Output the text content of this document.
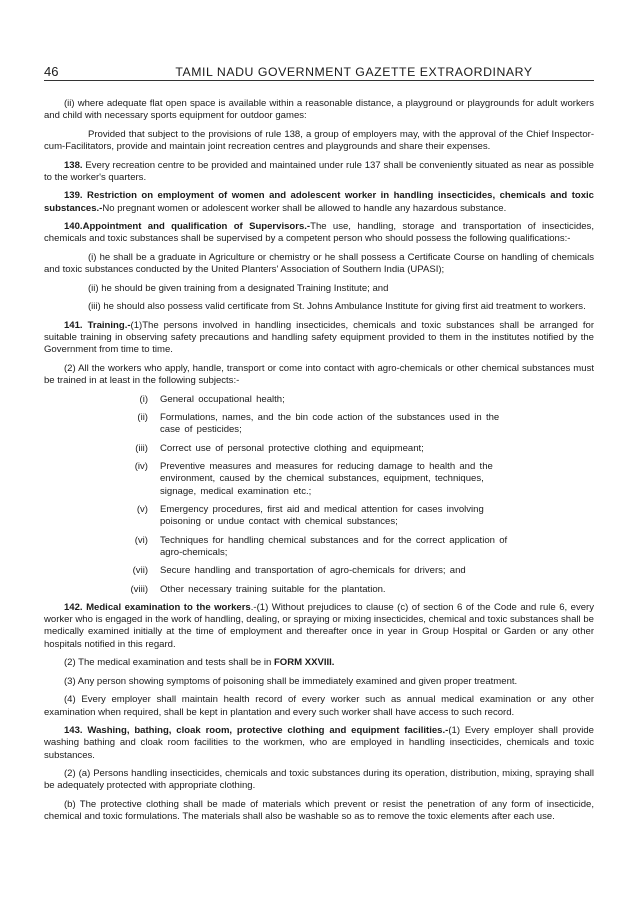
46	TAMIL NADU GOVERNMENT GAZETTE EXTRAORDINARY

(ii) where adequate flat open space is available within a reasonable distance, a playground or playgrounds for adult workers and child with necessary sports equipment for outdoor games:

Provided that subject to the provisions of rule 138, a group of employers may, with the approval of the Chief Inspector-cum-Facilitators, provide and maintain joint recreation centres and playgrounds and share their expenses.

138. Every recreation centre to be provided and maintained under rule 137 shall be conveniently situated as near as possible to the worker's quarters.

139. Restriction on employment of women and adolescent worker in handling insecticides, chemicals and toxic substances.-No pregnant women or adolescent worker shall be allowed to handle any hazardous substance.

140.Appointment and qualification of Supervisors.-The use, handling, storage and transportation of insecticides, chemicals and toxic substances shall be supervised by a competent person who should possess the following qualifications:-

(i) he shall be a graduate in Agriculture or chemistry or he shall possess a Certificate Course on handling of chemicals and toxic substances conducted by the United Planters' Association of Southern India (UPASI);

(ii) he should be given training from a designated Training Institute; and

(iii) he should also possess valid certificate from St. Johns Ambulance Institute for giving first aid treatment to workers.

141. Training.-(1)The persons involved in handling insecticides, chemicals and toxic substances shall be arranged for suitable training in observing safety precautions and handling safety equipment provided to them in the institutes notified by the Government from time to time.

(2) All the workers who apply, handle, transport or come into contact with agro-chemicals or other chemical substances must be trained in at least in the following subjects:-

(i)	General occupational health;
(ii)	Formulations, names, and the bin code action of the substances used in the case of pesticides;
(iii)	Correct use of personal protective clothing and equipmeant;
(iv)	Preventive measures and measures for reducing damage to health and the environment, caused by the chemical substances, equipment, techniques, signage, medical examination etc.;
(v)	Emergency procedures, first aid and medical attention for cases involving poisoning or undue contact with chemical substances;
(vi)	Techniques for handling chemical substances and for the correct application of agro-chemicals;
(vii)	Secure handling and transportation of agro-chemicals for drivers; and
(viii)	Other necessary training suitable for the plantation.

142. Medical examination to the workers.-(1) Without prejudices to clause (c) of section 6 of the Code and rule 6, every worker who is engaged in the work of handling, dealing, or spraying or mixing insecticides, chemical and toxic substances shall be medically examined initially at the time of employment and thereafter once in year in Group Hospital or Garden or any other hospitals notified in this regard.

(2) The medical examination and tests shall be in FORM XXVIII.

(3) Any person showing symptoms of poisoning shall be immediately examined and given proper treatment.

(4) Every employer shall maintain health record of every worker such as annual medical examination or any other examination when required, shall be kept in plantation and every such worker shall have access to such record.

143. Washing, bathing, cloak room, protective clothing and equipment facilities.-(1) Every employer shall provide washing bathing and cloak room facilities to the workmen, who are employed in handling insecticides, chemicals and toxic substances.

(2) (a) Persons handling insecticides, chemicals and toxic substances during its operation, distribution, mixing, spraying shall be adequately protected with appropriate clothing.

(b) The protective clothing shall be made of materials which prevent or resist the penetration of any form of insecticide, chemical and toxic formulations. The materials shall also be washable so as to remove the toxic elements after each use.
